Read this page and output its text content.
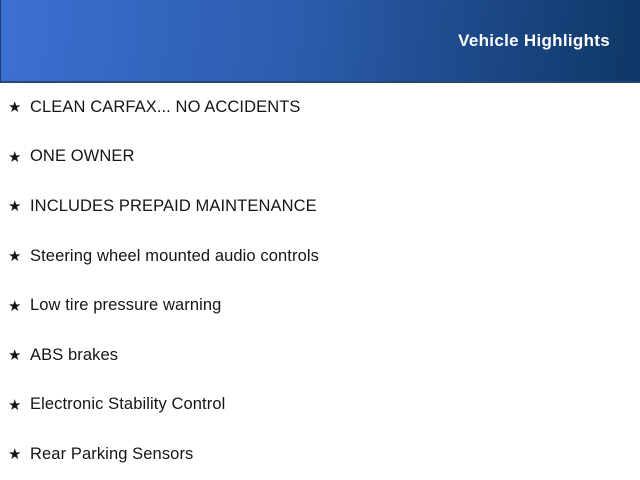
Vehicle Highlights
★ CLEAN CARFAX... NO ACCIDENTS
★ ONE OWNER
★ INCLUDES PREPAID MAINTENANCE
★ Steering wheel mounted audio controls
★ Low tire pressure warning
★ ABS brakes
★ Electronic Stability Control
★ Rear Parking Sensors
